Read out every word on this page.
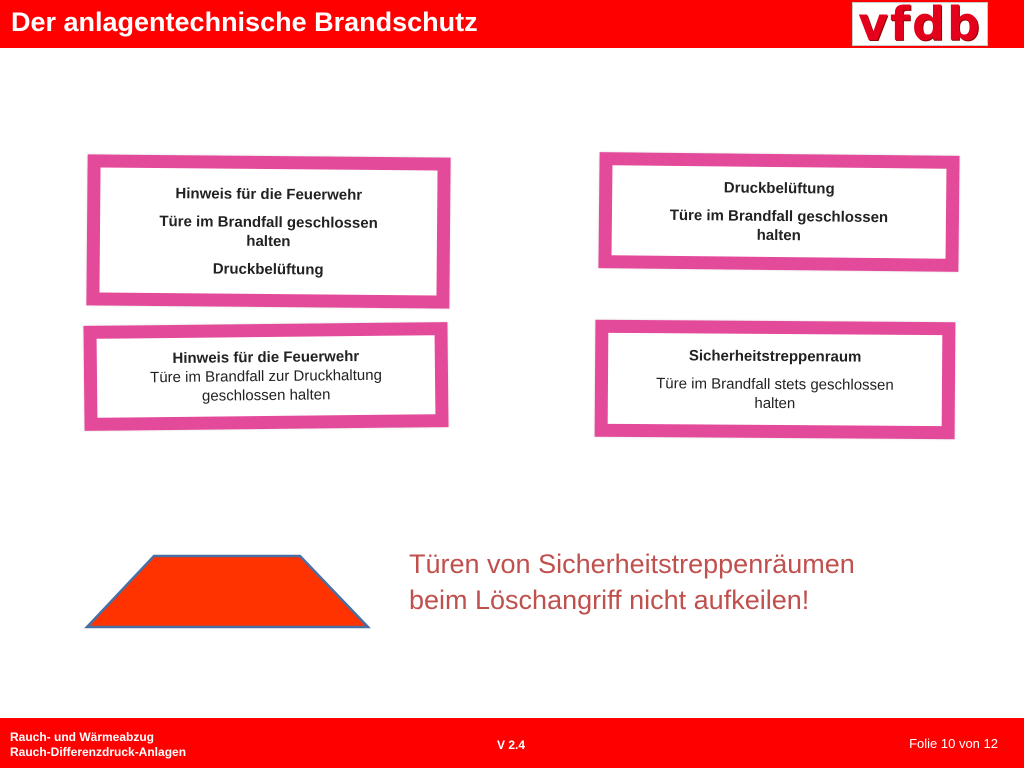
Der anlagentechnische Brandschutz	vfdb
Hinweis für die Feuerwehr
Türe im Brandfall geschlossen
halten
Druckbelüftung
Hinweis für die Feuerwehr
Türe im Brandfall zur Druckhaltung
geschlossen halten
Druckbelüftung
Türe im Brandfall geschlossen
halten
Sicherheitstreppenraum
Türe im Brandfall stets geschlossen
halten
Türen von Sicherheitstreppenräumen
beim Löschangriff nicht aufkeilen!
Rauch- und Wärmeabzug
Rauch-Differenzdruck-Anlagen	V 2.4	Folie 10 von 12
